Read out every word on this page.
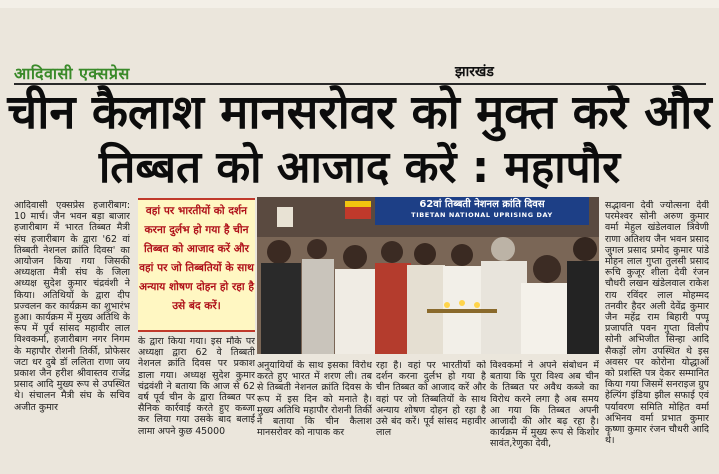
आदिवासी एक्सप्रेस	झारखंड
चीन कैलाश मानसरोवर को मुक्त करे और
तिब्बत को आजाद करें : महापौर

आदिवासी एक्सप्रेस हजारीबाग: 10 मार्च। जैन भवन बड़ा बाजार हजारीबाग में भारत तिब्बत मैत्री संघ हजारीबाग के द्वारा '62 वां तिब्बती नेशनल क्रांति दिवस' का आयोजन किया गया जिसकी अध्यक्षता मैत्री संघ के जिला अध्यक्ष सुदेश कुमार चंद्रवंशी ने किया। अतिथियों के द्वारा दीप प्रज्वलन कर कार्यक्रम का शुभारंभ हुआ। कार्यक्रम में मुख्य अतिथि के रूप में पूर्व सांसद महावीर लाल विश्वकर्मा, हजारीबाग नगर निगम के महापौर रोशनी तिर्की, प्रोफेसर जटा धर दुबे डॉ ललिता राणा जय प्रकाश जैन हरीश श्रीवास्तव राजेंद्र प्रसाद आदि मुख्य रूप से उपस्थित थे। संचालन मैत्री संघ के सचिव अजीत कुमार

वहां पर भारतीयों को दर्शन करना दुर्लभ हो गया है चीन तिब्बत को आजाद करें और वहां पर जो तिब्बतियों के साथ अन्याय शोषण दोहन हो रहा है उसे बंद करें।

के द्वारा किया गया। इस मौके पर अध्यक्षा द्वारा 62 वे तिब्बती नेशनल क्रांति दिवस पर प्रकाश डाला गया। अध्यक्ष सुदेश कुमार चंद्रवंशी ने बताया कि आज से 62 वर्ष पूर्व चीन के द्वारा तिब्बत पर सैनिक कार्रवाई करते हुए कब्जा कर लिया गया उसके बाद बलाई लामा अपने कुछ 45000

62वां तिब्बती नेशनल क्रांति दिवस
TIBETAN NATIONAL UPRISING DAY

अनुयायियों के साथ इसका विरोध करते हुए भारत में शरण ली। तब से तिब्बती नेशनल क्रांति दिवस के रूप में इस दिन को मनाते है। मुख्य अतिथि महापौर रोशनी तिर्की ने बताया कि चीन कैलाश मानसरोवर को नापाक कर

रहा है। वहां पर भारतीयों को दर्शन करना दुर्लभ हो गया है चीन तिब्बत को आजाद करें और वहां पर जो तिब्बतियों के साथ अन्याय शोषण दोहन हो रहा है उसे बंद करें। पूर्व सांसद महावीर लाल

विश्वकर्मा ने अपने संबोधन में बताया कि पूरा विश्व अब चीन के तिब्बत पर अवैध कब्जे का विरोध करने लगा है अब समय आ गया कि तिब्बत अपनी आजादी की ओर बढ़ रहा है। कार्यक्रम में मुख्य रूप से किशोर सावंत,रेणुका देवी,

सद्भावना देवी ज्योत्सना देवी परमेश्वर सोनी अरुण कुमार वर्मा मेहुल खंडेलवाल त्रिवेणी राणा अतिशय जैन भवन प्रसाद जुगल प्रसाद प्रमोद कुमार पांडे मोहन लाल गुप्ता तुलसी प्रसाद रूचि कुजूर शीला देवी रंजन चौधरी लखन खंडेलवाल राकेश राय रविंदर लाल मोहम्मद तनवीर हैदर अली देवेंद्र कुमार जैन महेंद्र राम बिहारी पप्पू प्रजापति पवन गुप्ता विलीप सोनी अभिजीत सिन्हा आदि सैकड़ों लोग उपस्थित थे इस अवसर पर कोरोना योद्धाओं को प्रशस्ति पत्र देकर सम्मानित किया गया जिसमें सनराइज ग्रुप हेल्पिंग इंडिया झील सफाई एवं पर्यावरण समिति मोहित वर्मा अभिनव वर्मा प्रभात कुमार कृष्णा कुमार रंजन चौधरी आदि थे।
